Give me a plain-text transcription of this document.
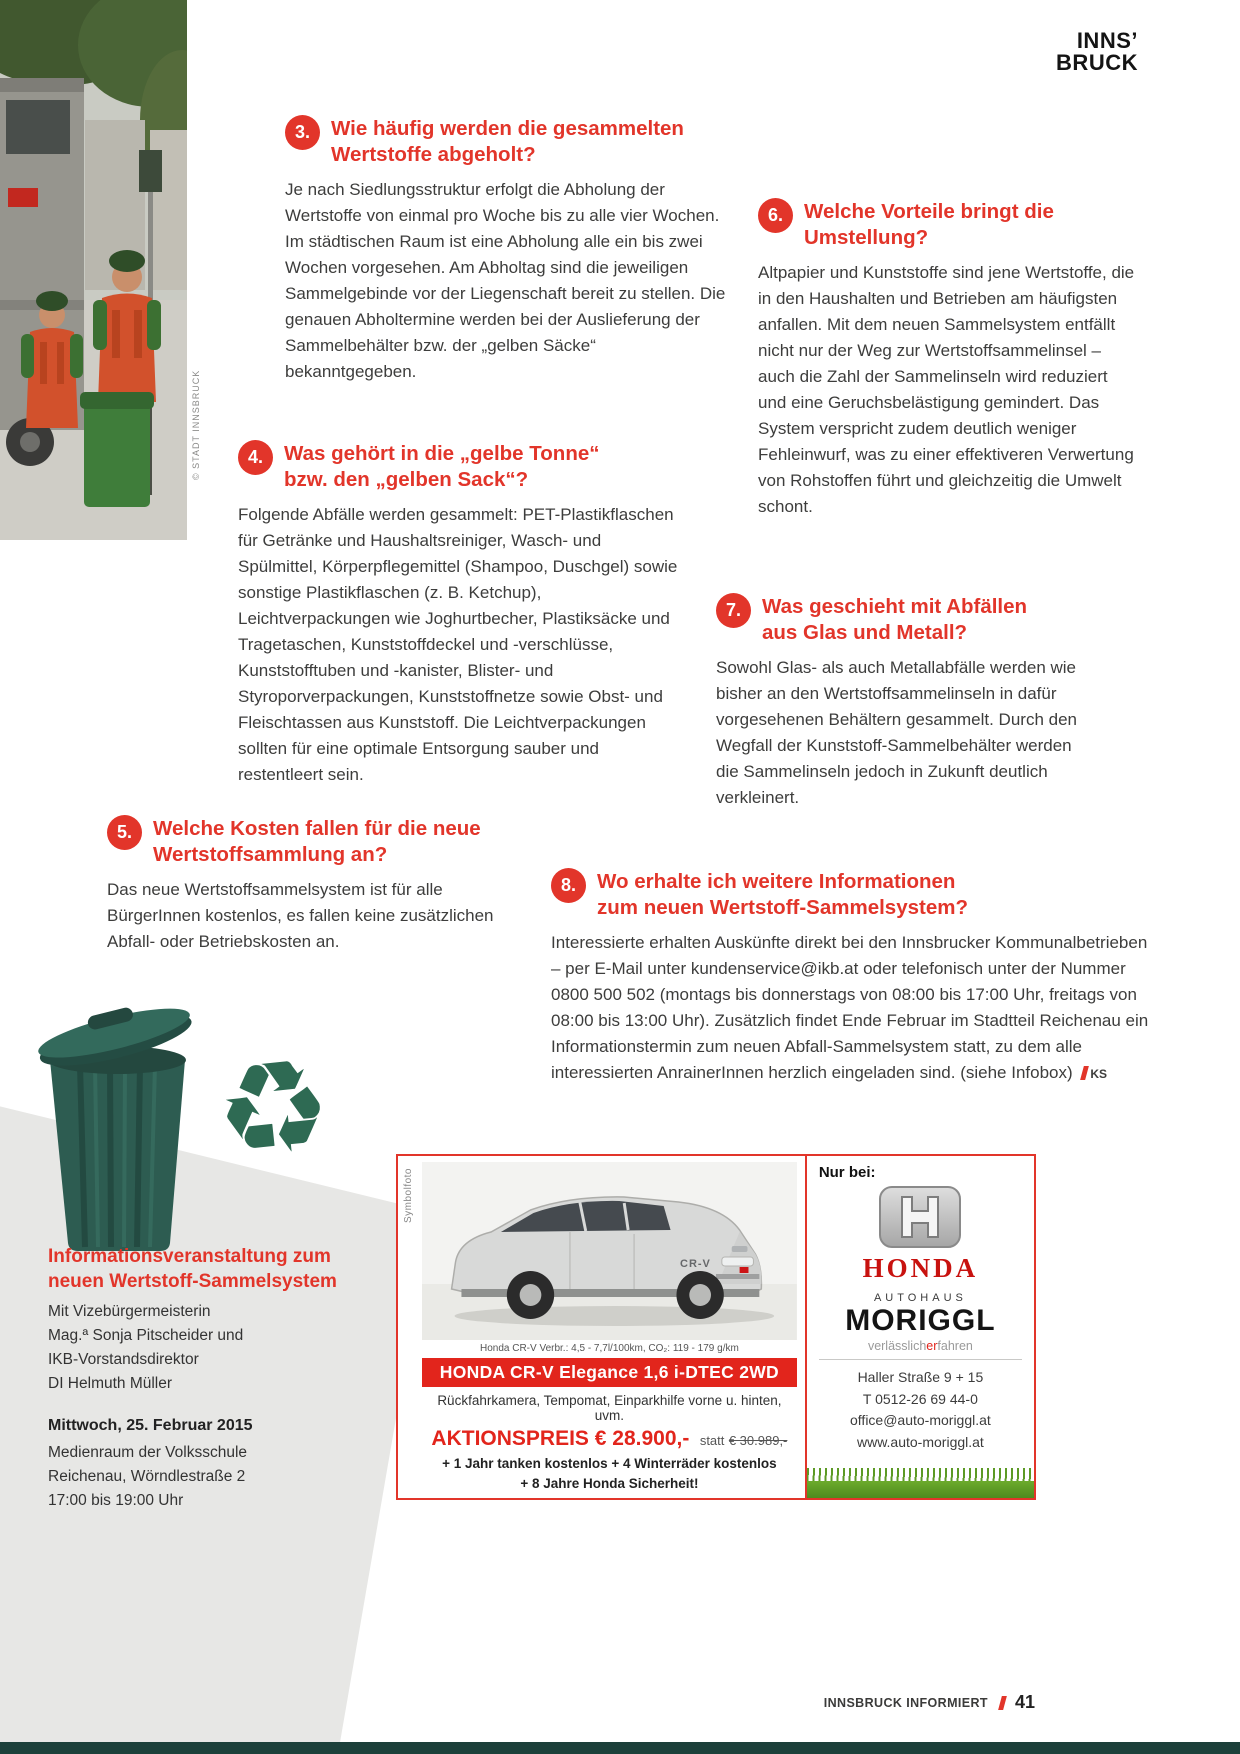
INNS’
BRUCK
© STADT INNSBRUCK
3. Wie häufig werden die gesammelten
Wertstoffe abgeholt?

Je nach Siedlungsstruktur erfolgt die Abholung der Wertstoffe von einmal pro Woche bis zu alle vier Wochen. Im städtischen Raum ist eine Abholung alle ein bis zwei Wochen vorgesehen. Am Abholtag sind die jeweiligen Sammelgebinde vor der Liegenschaft bereit zu stellen. Die genauen Abholtermine werden bei der Auslieferung der Sammelbehälter bzw. der „gelben Säcke“ bekanntgegeben.

6. Welche Vorteile bringt die
Umstellung?

Altpapier und Kunststoffe sind jene Wertstoffe, die in den Haushalten und Betrieben am häufigsten anfallen. Mit dem neuen Sammelsystem entfällt nicht nur der Weg zur Wertstoffsammelinsel – auch die Zahl der Sammelinseln wird reduziert und eine Geruchsbelästigung gemindert. Das System verspricht zudem deutlich weniger Fehleinwurf, was zu einer effektiveren Verwertung von Rohstoffen führt und gleichzeitig die Umwelt schont.

4. Was gehört in die „gelbe Tonne“
bzw. den „gelben Sack“?

Folgende Abfälle werden gesammelt: PET-Plastikflaschen für Getränke und Haushaltsreiniger, Wasch- und Spülmittel, Körperpflegemittel (Shampoo, Duschgel) sowie sonstige Plastikflaschen (z. B. Ketchup), Leichtverpackungen wie Joghurtbecher, Plastiksäcke und Tragetaschen, Kunststoffdeckel und -verschlüsse, Kunststofftuben und -kanister, Blister- und Styroporverpackungen, Kunststoffnetze sowie Obst- und Fleischtassen aus Kunststoff. Die Leichtverpackungen sollten für eine optimale Entsorgung sauber und restentleert sein.

7. Was geschieht mit Abfällen
aus Glas und Metall?

Sowohl Glas- als auch Metallabfälle werden wie bisher an den Wertstoffsammelinseln in dafür vorgesehenen Behältern gesammelt. Durch den Wegfall der Kunststoff-Sammelbehälter werden die Sammelinseln jedoch in Zukunft deutlich verkleinert.

5. Welche Kosten fallen für die neue
Wertstoffsammlung an?

Das neue Wertstoffsammelsystem ist für alle BürgerInnen kostenlos, es fallen keine zusätzlichen Abfall- oder Betriebskosten an.

8. Wo erhalte ich weitere Informationen
zum neuen Wertstoff-Sammelsystem?

Interessierte erhalten Auskünfte direkt bei den Innsbrucker Kommunalbetrieben – per E-Mail unter kundenservice@ikb.at oder telefonisch unter der Nummer 0800 500 502 (montags bis donnerstags von 08:00 bis 17:00 Uhr, freitags von 08:00 bis 13:00 Uhr). Zusätzlich findet Ende Februar im Stadtteil Reichenau ein Informationstermin zum neuen Abfall-Sammelsystem statt, zu dem alle interessierten AnrainerInnen herzlich eingeladen sind. (siehe Infobox) KS

♻
Informationsveranstaltung zum
neuen Wertstoff-Sammelsystem

Mit Vizebürgermeisterin

Mag.ª Sonja Pitscheider und

IKB-Vorstandsdirektor

DI Helmuth Müller

Mittwoch, 25. Februar 2015

Medienraum der Volksschule

Reichenau, Wörndlestraße 2

17:00 bis 19:00 Uhr

Symbolfoto
CR-V
Honda CR-V Verbr.: 4,5 - 7,7l/100km, CO₂: 119 - 179 g/km
HONDA CR-V Elegance 1,6 i-DTEC 2WD
Rückfahrkamera, Tempomat, Einparkhilfe vorne u. hinten, uvm.
AKTIONSPREIS € 28.900,- statt € 30.989,-
+ 1 Jahr tanken kostenlos + 4 Winterräder kostenlos
+ 8 Jahre Honda Sicherheit!
Nur bei:
HONDA
AUTOHAUS
MORIGGL
verlässlicherfahren
Haller Straße 9 + 15
T 0512-26 69 44-0
office@auto-moriggl.at
www.auto-moriggl.at
INNSBRUCK INFORMIERT 41
